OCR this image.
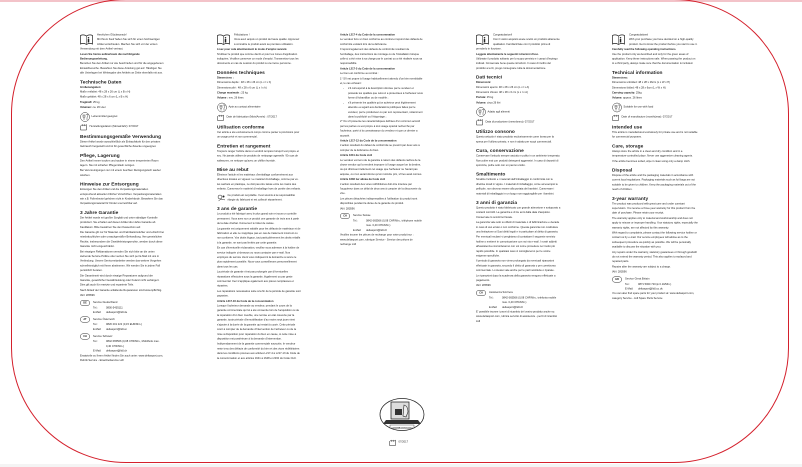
Herzlichen Glückwunsch!
Mit Ihrem Kauf haben Sie sich für einen hochwertigen Artikel entschieden. Machen Sie sich vor der ersten Verwendung mit dem Artikel vertraut.
Lesen Sie hierzu aufmerksam die nachfolgende Bedienungsanleitung.
Benutzen Sie den Artikel nur wie beschrieben und für die angegebenen Einsatzbereiche. Bewahren Sie diese Anleitung gut auf. Händigen Sie alle Unterlagen bei Weitergabe des Artikels an Dritte ebenfalls mit aus.
Technische Daten
Größenangaben:
Maße entfaltet: 48 x 28 x 26 cm (L x B x H)
Maße gefaltet: 48 x 28 x 6 cm (L x B x H)
Tragkraft: 25 kg
Volumen: ca. 26 Liter
Lebensmittel geeignet
Herstellungsdatum (Monat/Jahr): 07/2017
Bestimmungsgemäße Verwendung
Dieser Artikel wurde ausschließlich als Einkaufskorb für den privaten Gebrauch hergestellt und ist für gewerbliche Zwecke ungeeignet.
Pflege, Lagerung
Den Artikel immer trocken und sauber in einem temperierten Raum lagern. Nie mit scharfen Pflegemitteln reinigen.
Bei Verunreinigungen nur mit einem feuchten Reinigungstuch sauber wischen.
Hinweise zur Entsorgung
Entsorgen Sie den Artikel und die Verpackungsmaterialien entsprechend aktueller örtlicher Vorschriften. Verpackungsmaterialien wie z.B. Folienbeutel gehören nicht in Kinderhände. Bewahren Sie das Verpackungsmaterial für Kinder unerreichbar auf.
3 Jahre Garantie
Der Artikel wurde mit großer Sorgfalt und unter ständiger Kontrolle produziert. Sie erhalten auf diesen Artikel drei Jahre Garantie ab Kaufdatum. Bitte bewahren Sie den Kassenbon auf.
Die Garantie gilt nur für Material- und Fabrikationsfehler und erlischt bei missbräuchlicher oder unsachgemäßer Behandlung. Ihre gesetzlichen Rechte, insbesondere die Gewährleistungsrechte, werden durch diese Garantie nicht eingeschränkt.
Bei etwaigen Reklamationen wenden Sie sich bitte an die unten stehende Service-Hotline oder setzen Sie sich per E-Mail mit uns in Verbindung. Unsere Servicemitarbeiter werden das weitere Vorgehen schnellstmöglich mit Ihnen abstimmen. Wir werden Sie in jedem Fall persönlich beraten.
Die Garantiezeit wird durch etwaige Reparaturen aufgrund der Garantie, gesetzlicher Gewährleistung oder Kulanz nicht verlängert. Dies gilt auch für ersetzte und reparierte Teile.
Nach Ablauf der Garantie anfallende Reparaturen sind kostenpflichtig.
IAN: 283596
DE	Service Deutschland
Tel.:	0800-5435111
E-Mail: deltasport@lidl.de
AT	Service Österreich
Tel.:	0820 201 222 (0,15 EUR/Min.)
E-Mail: deltasport@lidl.at
CH	Service Schweiz
Tel.:	0842 665566 (0,08 CHF/Min., Mobilfunk max. 0,40 CHF/Min.)
E-Mail: deltasport@lidl.ch
Ersatzteile zu Ihrem Artikel finden Sie auch unter: www.deltasport.com, Rubrik Service - Ersatzteilservice Lidl
Félicitations !
Vous avez acquis un produit de haute qualité. Apprenez à connaître le produit avant sa première utilisation.
Lisez pour cela attentivement le mode d'emploi suivant.
N'utilisez le produit que comme décrit et pour les zones d'application indiquées. Veuillez conserver ce mode d'emploi. Transmettez tous les documents en cas de cession du produit à une tierce personne.
Données techniques
Dimensions :
Dimensions déplié : 48 x 28 x 26 cm (L x l x h)
Dimensions plié : 48 x 28 x 6 cm (L x l x h)
Charge maximale : 25 kg
Volume : env. 26 litres
Apte au contact alimentaire
Date de fabrication (Mois/Année) : 07/2017
Utilisation conforme
Cet article a été exclusivement conçu comme panier à provisions pour un usage privé et non commercial.
Entretien et rangement
Toujours ranger l'article dans un endroit tempéré lorsqu'il est propre et sec. Ne jamais utiliser de produits de nettoyage agressifs ! En cas de salissures, ne nettoyer qu'avec un chiffon humide.
Mise au rebut
Éliminez l'article et les matériaux d'emballage conformément aux directives locales en vigueur. Le matériel d'emballage, comme par ex. les sachets en plastique, ne doit pas être laissé entre les mains des enfants. Conservez le matériel d'emballage hors de portée des enfants.
Ce produit est recyclable. Il est soumis à la responsabilité élargie du fabricant et est collecté séparément.
3 ans de garantie
Le produit a été fabriqué avec le plus grand soin et sous un contrôle permanent. Vous avez sur ce produit une garantie de trois ans à partir de la date d'achat. Conservez le ticket de caisse.
La garantie est uniquement valable pour les défauts de matériaux et de fabrication et elle ne s'applique pas en cas de traitement incorrect ou non conforme. Vos droits légaux, tout particulièrement les droits relatifs à la garantie, ne sont pas limités par cette garantie.
En cas d'éventuelle réclamation, veuillez vous adresser à la hotline de service indiquée ci-dessous ou nous contacter par e-mail. Nos employés du service client vous indiqueront la démarche à suivre le plus rapidement possible. Nous vous conseillerons personnellement dans tous les cas.
La période de garantie n'est pas prolongée par d'éventuelles réparations effectuées sous la garantie, légalement ou par geste commercial. Ceci s'applique également aux pièces remplacées et réparées.
Les réparations nécessaires suite à la fin de la période de garantie sont payantes.
Article L217-16 du Code de la consommation
Lorsque l'acheteur demande au vendeur, pendant le cours de la garantie commerciale qui lui a été consentie lors de l'acquisition ou de la réparation d'un bien meuble, une remise en état couverte par la garantie, toute période d'immobilisation d'au moins sept jours vient s'ajouter à la durée de la garantie qui restait à courir. Cette période court à compter de la demande d'intervention de l'acheteur ou de la mise à disposition pour réparation du bien en cause, si cette mise à disposition est postérieure à la demande d'intervention.
Indépendamment de la garantie commerciale souscrite, le vendeur reste tenu des défauts de conformité du bien et des vices rédhibitoires dans les conditions prévues aux articles L217-4 à L217-13 du Code de la consommation et aux articles 1641 à 1648 et 2232 du Code Civil.
Article L217-4 du Code de la consommation
Le vendeur livre un bien conforme au contrat et répond des défauts de conformité existant lors de la délivrance.
Il répond également des défauts de conformité résultant de l'emballage, des instructions de montage ou de l'installation lorsque celle-ci a été mise à sa charge par le contrat ou a été réalisée sous sa responsabilité.
Article L217-5 du Code de la consommation
Le bien est conforme au contrat :
1° S'il est propre à l'usage habituellement attendu d'un bien semblable et, le cas échéant :
• s'il correspond à la description donnée par le vendeur et possède les qualités que celui-ci a présentées à l'acheteur sous forme d'échantillon ou de modèle ;
• s'il présente les qualités qu'un acheteur peut légitimement attendre eu égard aux déclarations publiques faites par le vendeur, par le producteur ou par son représentant, notamment dans la publicité ou l'étiquetage ;
2° Ou s'il présente les caractéristiques définies d'un commun accord par les parties ou est propre à tout usage spécial recherché par l'acheteur, porté à la connaissance du vendeur et que ce dernier a accepté.
Article L217-12 du Code de la consommation
L'action résultant du défaut de conformité se prescrit par deux ans à compter de la délivrance du bien.
Article 1641 du Code civil
Le vendeur est tenu de la garantie à raison des défauts cachés de la chose vendue qui la rendent impropre à l'usage auquel on la destine, ou qui diminuent tellement cet usage que l'acheteur ne l'aurait pas acquise, ou n'en aurait donné qu'un moindre prix, s'il les avait connus.
Article 1648 1er alinéa du Code civil
L'action résultant des vices rédhibitoires doit être intentée par l'acquéreur dans un délai de deux ans à compter de la découverte du vice.
Les pièces détachées indispensables à l'utilisation du produit sont disponibles pendant la durée de la garantie du produit.
IAN: 283596
CH	Service Suisse
Tel.:	0842 665566 (0,08 CHF/Min., téléphone mobile max. 0,40 CHF/Min.)
E-Mail: deltasport@lidl.ch
Veuillez trouver les pièces de rechange pour votre produit sur : www.deltasport.com, rubrique Service - Service des pièces de rechange Lidl
Congratulazioni!
Con il vostro acquisto avete scelto un prodotto altamente qualitativo. Familiarizzate con il prodotto prima di prenderlo in funzione.
Leggete attentamente le seguenti istruzioni d'uso.
Utilizzate il prodotto soltanto per lo scopo previsto e i campi d'impiego indicati. Conservate bene queste istruzioni. In caso di inoltro del prodotto a terzi, prego consegnare tutta la documentazione.
Dati tecnici
Dimensioni:
Dimensioni aperto: 48 x 28 x 26 cm (L x l x A)
Dimensioni chiuso: 48 x 28 x 6 cm (L x l x A)
Portata: 25 kg
Volume: circa 26 litri
Adatto agli alimenti
Data di produzione (mese/anno): 07/2017
Utilizzo consono
Questo articolo è stato prodotto esclusivamente come borsa per la spesa per l'utilizzo privato, e non è adatto per scopi commerciali.
Cura, conservazione
Conservare l'articolo sempre asciutto e pulito in un ambiente temperato. Non pulire mai con prodotti detergenti aggressivi. In caso di depositi di sporcizia, pulire solo con un panno umido.
Smaltimento
Smaltire l'articolo e i materiali dell'imballaggio in conformità con le direttive locali in vigore. I materiali di imballaggio, come ad esempio le pellicole, non devono essere alla portata dei bambini. Conservare i materiali di imballaggio in un luogo non raggiungibile per i bambini.
3 anni di garanzia
Questo prodotto è stato fabbricato con grande attenzione e sottoposto a costanti controlli. La garanzia è di tre anni dalla data d'acquisto. Conservate lo scontrino fiscale.
La garanzia vale solo su difetti di materiale o di fabbricazione e decade in caso di uso errato o non conforme. Questa garanzia non costituisce una limitazione ai Suoi diritti legali e in particolare al diritto di garanzia.
Per eventuali reclami vi preghiamo di contattare il seguente servizio hotline o mettervi in comunicazione con noi via e-mail. I nostri addetti all'assistenza concorderanno con voi come procedere nel modo più rapido possibile. In qualsiasi caso vi consiglieremo per le vostre esigenze specifiche.
Il periodo di garanzia non viene prolungato da eventuali riparazioni effettuate in garanzia, secondo il diritto di garanzia o per correttezza commerciale. Lo stesso vale anche per le parti sostituite o riparate.
Le riparazioni dopo la scadenza della garanzia vengono effettuate a pagamento.
IAN: 283596
CH	Assistenza Svizzera
Tel.:	0842 665566 (0,08 CHF/Min., telefonia mobile max. 0,40 CHF/Min.)
E-Mail: deltasport@lidl.ch
E' possibile trovare i pezzi di ricambio del vostro prodotto anche su: www.deltasport.com, rubrica servizio di assistenza - pezzi di ricambio Lidl
Congratulations!
With your purchase you have decided on a high-quality product. Get to know the product before you start to use it.
Carefully read the following operating instructions.
Use the product only as described and only for the given areas of application. Keep these instructions safe. When passing the product on to a third party, always make sure that the documentation is included.
Technical information
Dimensions:
Dimensions unfolded: 48 x 28 x 26cm (L x W x H)
Dimensions folded: 48 x 28 x 6cm (L x W x H)
Carrying capacity: 25kg
Volume: approx. 26 litres
Suitable for use with food
Date of manufacture (month/year): 07/2017
Intended use
This article is manufactured exclusively for private use and is not suitable for commercial purposes.
Care, storage
Always store the article in a clean and dry condition and in a temperature-controlled place. Never use aggressive cleaning agents.
If the article becomes soiled, wipe it clean using only a damp cloth.
Disposal
Dispose of the article and the packaging materials in accordance with current local regulations. Packaging materials such as foil bags are not suitable to be given to children. Keep the packaging materials out of the reach of children.
3-year warranty
The product was produced with great care and under constant supervision. You receive a three-year warranty for this product from the date of purchase. Please retain your receipt.
The warranty applies only to material and workmanship and does not apply to misuse or improper handling. Your statutory rights, especially the warranty rights, are not affected by this warranty.
With regard to complaints, please contact the following service hotline or contact us by e-mail. Our service employees will advise as to the subsequent procedure as quickly as possible. We will be personally available to discuss the situation with you.
Any repairs under the warranty, statutory guarantees or through goodwill do not extend the warranty period. This also applies to replaced and repaired parts.
Repairs after the warranty are subject to a charge.
IAN: 283596
GB	Service Great Britain
Tel.:	0871 5000 720 (£ 0.10/Min.)
E-Mail: deltasport@lidl.co.uk
You can also find spare parts for your product at: www.deltasport.com, category Service - Lidl Spare Parts Service
www.lidl-service.com
07/2017
